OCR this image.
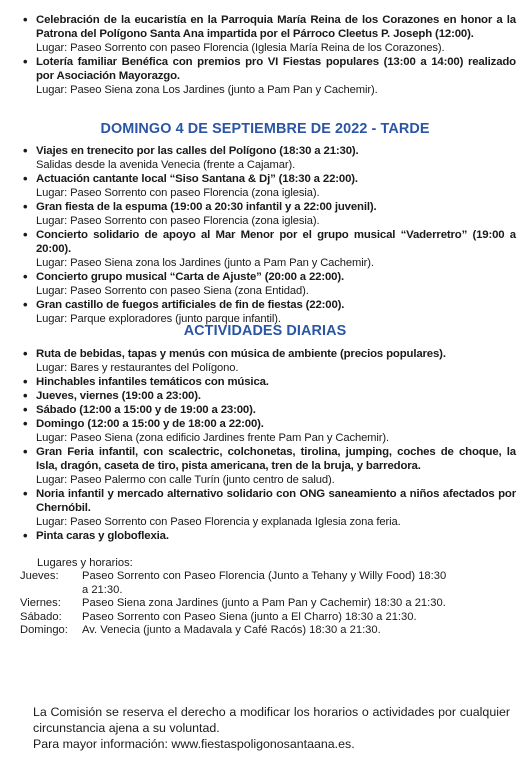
• Celebración de la eucaristía en la Parroquia María Reina de los Corazones en honor a la Patrona del Polígono Santa Ana impartida por el Párroco Cleetus P. Joseph (12:00).
Lugar: Paseo Sorrento con paseo Florencia (Iglesia María Reina de los Corazones).
• Lotería familiar Benéfica con premios pro VI Fiestas populares (13:00 a 14:00) realizado por Asociación Mayorazgo.
Lugar: Paseo Siena zona Los Jardines (junto a Pam Pan y Cachemir).
DOMINGO 4 DE SEPTIEMBRE DE 2022 - TARDE
• Viajes en trenecito por las calles del Polígono (18:30 a 21:30).
Salidas desde la avenida Venecia (frente a Cajamar).
• Actuación cantante local “Siso Santana & Dj” (18:30 a 22:00).
Lugar: Paseo Sorrento con paseo Florencia (zona iglesia).
• Gran fiesta de la espuma (19:00 a 20:30 infantil y a 22:00 juvenil).
Lugar: Paseo Sorrento con paseo Florencia (zona iglesia).
• Concierto solidario de apoyo al Mar Menor por el grupo musical “Vaderretro” (19:00 a 20:00).
Lugar: Paseo Siena zona los Jardines (junto a Pam Pan y Cachemir).
• Concierto grupo musical “Carta de Ajuste” (20:00 a 22:00).
Lugar: Paseo Sorrento con paseo Siena (zona Entidad).
• Gran castillo de fuegos artificiales de fin de fiestas (22:00).
Lugar: Parque exploradores (junto parque infantil).
ACTIVIDADES DIARIAS
• Ruta de bebidas, tapas y menús con música de ambiente (precios populares).
Lugar: Bares y restaurantes del Polígono.
• Hinchables infantiles temáticos con música.
• Jueves, viernes (19:00 a 23:00).
• Sábado (12:00 a 15:00 y de 19:00 a 23:00).
• Domingo (12:00 a 15:00 y de 18:00 a 22:00).
Lugar: Paseo Siena (zona edificio Jardines frente Pam Pan y Cachemir).
• Gran Feria infantil, con scalectric, colchonetas, tirolina, jumping, coches de choque, la Isla, dragón, caseta de tiro, pista americana, tren de la bruja, y barredora.
Lugar: Paseo Palermo con calle Turín (junto centro de salud).
• Noria infantil y mercado alternativo solidario con ONG saneamiento a niños afectados por Chernóbil.
Lugar: Paseo Sorrento con Paseo Florencia y explanada Iglesia zona feria.
• Pinta caras y globoflexia.
Lugares y horarios:
Jueves:	Paseo Sorrento con Paseo Florencia (Junto a Tehany y Willy Food) 18:30 a 21:30.
Viernes:	Paseo Siena zona Jardines (junto a Pam Pan y Cachemir) 18:30 a 21:30.
Sábado:	Paseo Sorrento con Paseo Siena (junto a El Charro) 18:30 a 21:30.
Domingo:	Av. Venecia (junto a Madavala y Café Racós) 18:30 a 21:30.
La Comisión se reserva el derecho a modificar los horarios o actividades por cualquier circunstancia ajena a su voluntad.
Para mayor información: www.fiestaspoligonosantaana.es.
